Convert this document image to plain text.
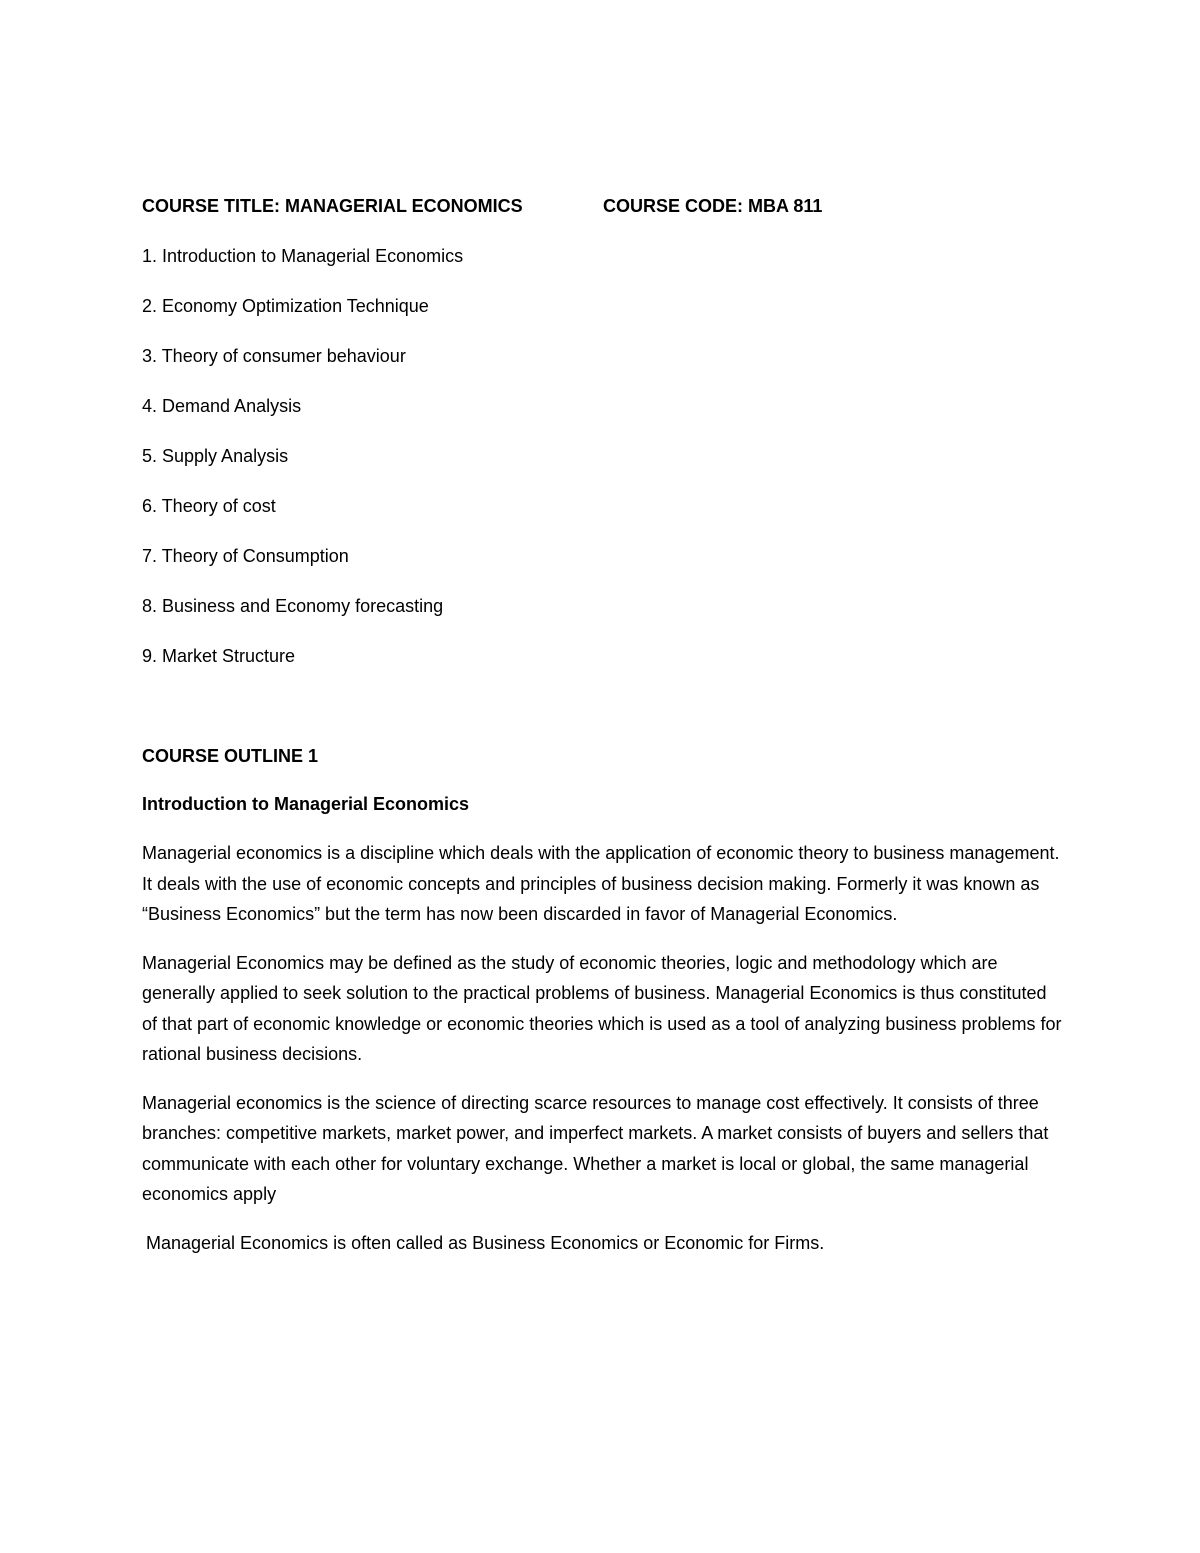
COURSE TITLE: MANAGERIAL ECONOMICS	COURSE CODE: MBA 811
1. Introduction to Managerial Economics
2. Economy Optimization Technique
3. Theory of consumer behaviour
4. Demand Analysis
5. Supply Analysis
6. Theory of cost
7. Theory of Consumption
8. Business and Economy forecasting
9. Market Structure
COURSE OUTLINE 1
Introduction to Managerial Economics

Managerial economics is a discipline which deals with the application of economic theory to business management. It deals with the use of economic concepts and principles of business decision making. Formerly it was known as “Business Economics” but the term has now been discarded in favor of Managerial Economics.

Managerial Economics may be defined as the study of economic theories, logic and methodology which are generally applied to seek solution to the practical problems of business. Managerial Economics is thus constituted of that part of economic knowledge or economic theories which is used as a tool of analyzing business problems for rational business decisions.

Managerial economics is the science of directing scarce resources to manage cost effectively. It consists of three branches: competitive markets, market power, and imperfect markets. A market consists of buyers and sellers that communicate with each other for voluntary exchange. Whether a market is local or global, the same managerial economics apply

Managerial Economics is often called as Business Economics or Economic for Firms.
